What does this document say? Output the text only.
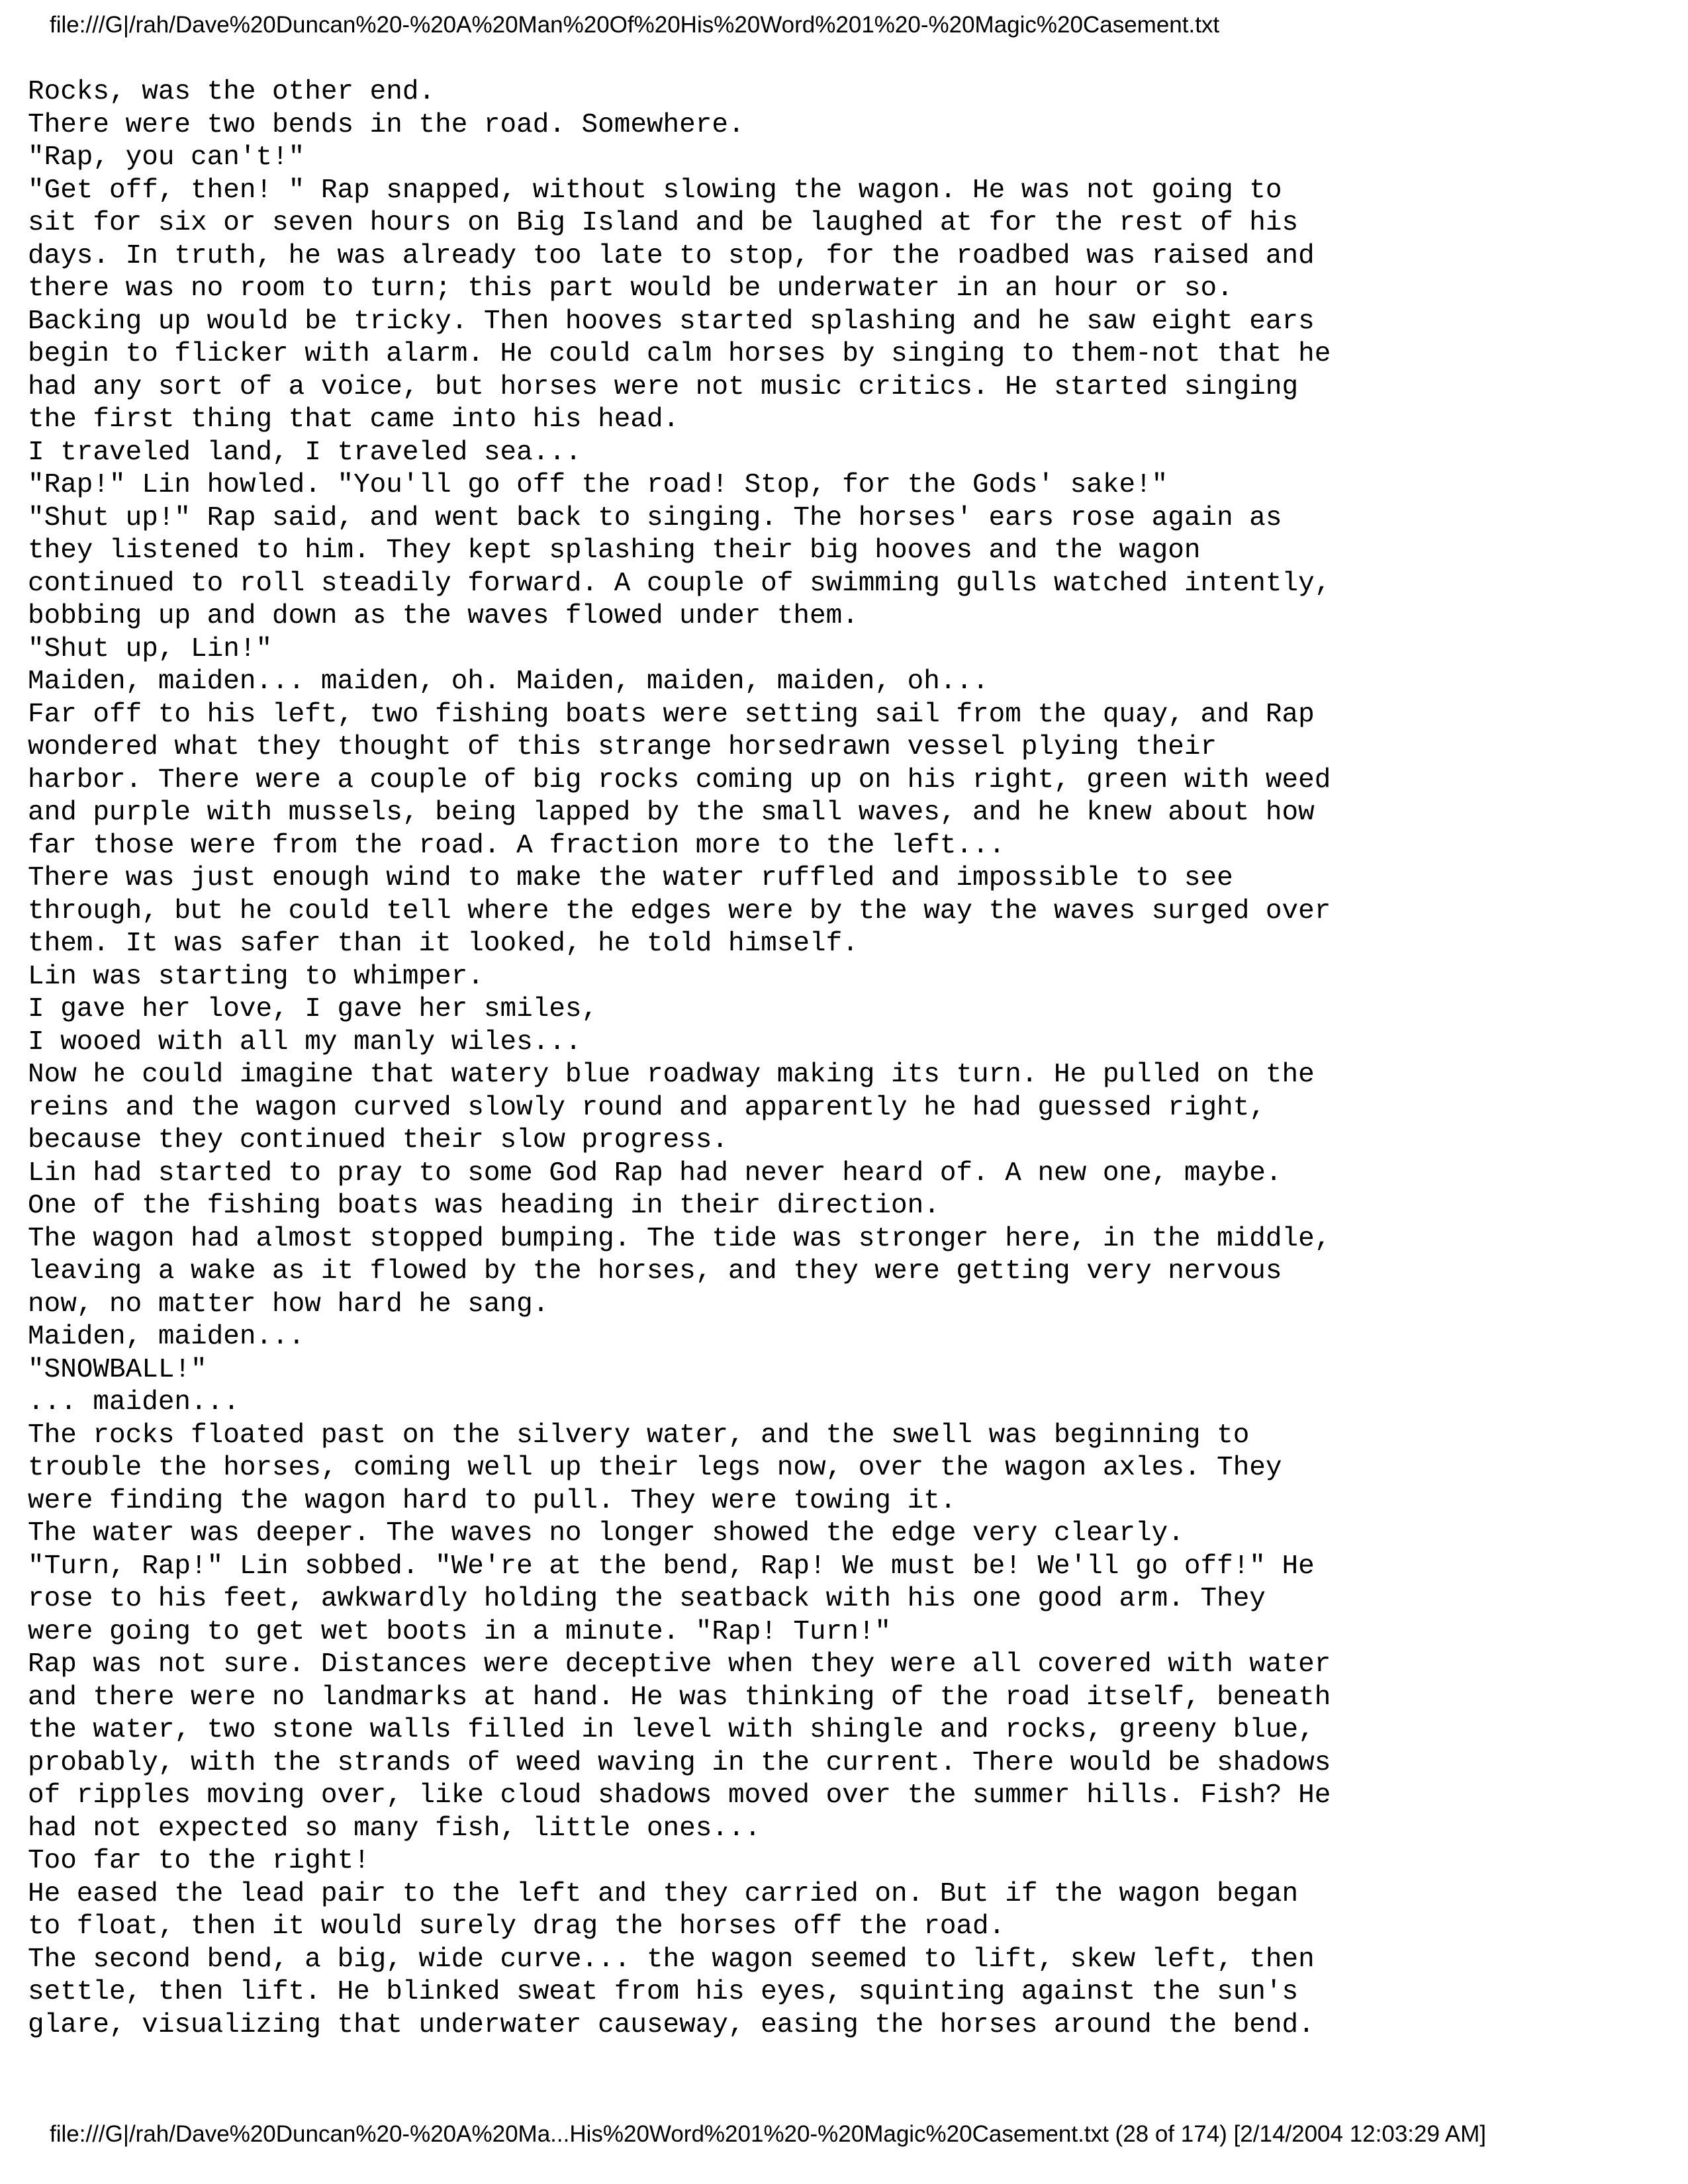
file:///G|/rah/Dave%20Duncan%20-%20A%20Man%20Of%20His%20Word%201%20-%20Magic%20Casement.txt
Rocks, was the other end.
There were two bends in the road. Somewhere.
"Rap, you can't!"
"Get off, then! " Rap snapped, without slowing the wagon. He was not going to
sit for six or seven hours on Big Island and be laughed at for the rest of his
days. In truth, he was already too late to stop, for the roadbed was raised and
there was no room to turn; this part would be underwater in an hour or so.
Backing up would be tricky. Then hooves started splashing and he saw eight ears
begin to flicker with alarm. He could calm horses by singing to them-not that he
had any sort of a voice, but horses were not music critics. He started singing
the first thing that came into his head.
I traveled land, I traveled sea...
"Rap!" Lin howled. "You'll go off the road! Stop, for the Gods' sake!"
"Shut up!" Rap said, and went back to singing. The horses' ears rose again as
they listened to him. They kept splashing their big hooves and the wagon
continued to roll steadily forward. A couple of swimming gulls watched intently,
bobbing up and down as the waves flowed under them.
"Shut up, Lin!"
Maiden, maiden... maiden, oh. Maiden, maiden, maiden, oh...
Far off to his left, two fishing boats were setting sail from the quay, and Rap
wondered what they thought of this strange horsedrawn vessel plying their
harbor. There were a couple of big rocks coming up on his right, green with weed
and purple with mussels, being lapped by the small waves, and he knew about how
far those were from the road. A fraction more to the left...
There was just enough wind to make the water ruffled and impossible to see
through, but he could tell where the edges were by the way the waves surged over
them. It was safer than it looked, he told himself.
Lin was starting to whimper.
I gave her love, I gave her smiles,
I wooed with all my manly wiles...
Now he could imagine that watery blue roadway making its turn. He pulled on the
reins and the wagon curved slowly round and apparently he had guessed right,
because they continued their slow progress.
Lin had started to pray to some God Rap had never heard of. A new one, maybe.
One of the fishing boats was heading in their direction.
The wagon had almost stopped bumping. The tide was stronger here, in the middle,
leaving a wake as it flowed by the horses, and they were getting very nervous
now, no matter how hard he sang.
Maiden, maiden...
"SNOWBALL!"
... maiden...
The rocks floated past on the silvery water, and the swell was beginning to
trouble the horses, coming well up their legs now, over the wagon axles. They
were finding the wagon hard to pull. They were towing it.
The water was deeper. The waves no longer showed the edge very clearly.
"Turn, Rap!" Lin sobbed. "We're at the bend, Rap! We must be! We'll go off!" He
rose to his feet, awkwardly holding the seatback with his one good arm. They
were going to get wet boots in a minute. "Rap! Turn!"
Rap was not sure. Distances were deceptive when they were all covered with water
and there were no landmarks at hand. He was thinking of the road itself, beneath
the water, two stone walls filled in level with shingle and rocks, greeny blue,
probably, with the strands of weed waving in the current. There would be shadows
of ripples moving over, like cloud shadows moved over the summer hills. Fish? He
had not expected so many fish, little ones...
Too far to the right!
He eased the lead pair to the left and they carried on. But if the wagon began
to float, then it would surely drag the horses off the road.
The second bend, a big, wide curve... the wagon seemed to lift, skew left, then
settle, then lift. He blinked sweat from his eyes, squinting against the sun's
glare, visualizing that underwater causeway, easing the horses around the bend.
file:///G|/rah/Dave%20Duncan%20-%20A%20Ma...His%20Word%201%20-%20Magic%20Casement.txt (28 of 174) [2/14/2004 12:03:29 AM]
